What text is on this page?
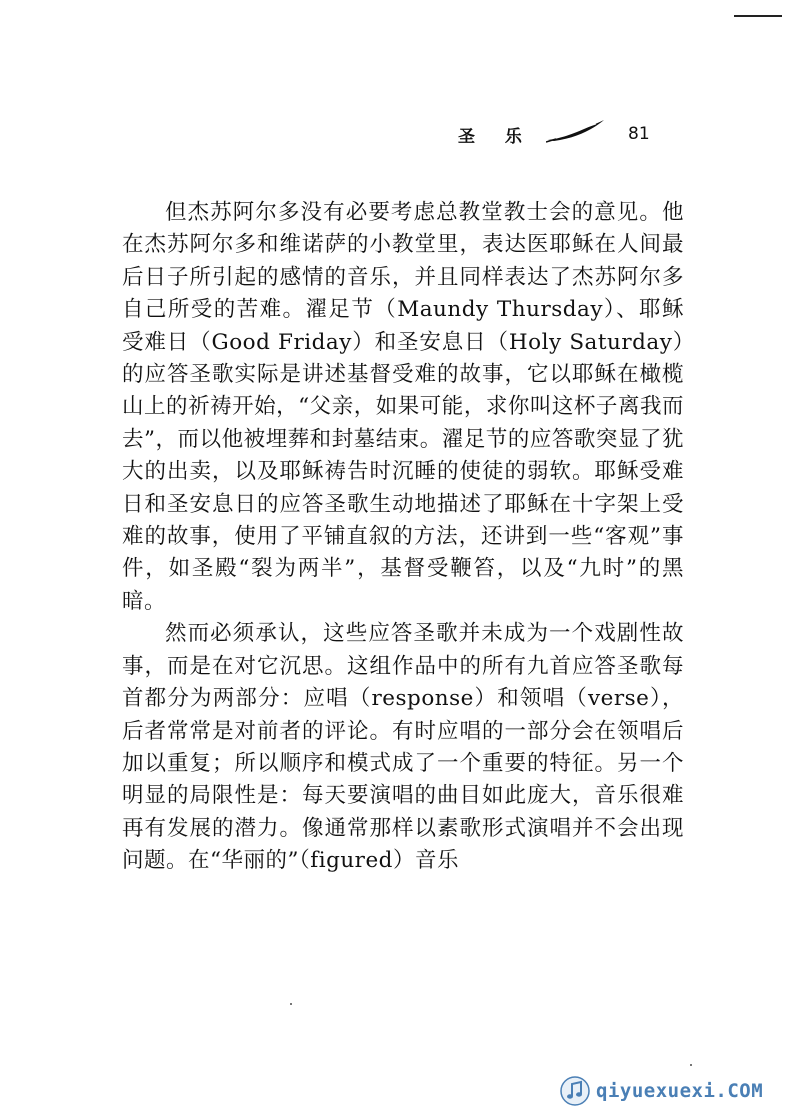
圣 乐	81

但杰苏阿尔多没有必要考虑总教堂教士会的意见。他在杰苏阿尔多和维诺萨的小教堂里，表达医耶稣在人间最后日子所引起的感情的音乐，并且同样表达了杰苏阿尔多自己所受的苦难。濯足节（Maundy Thursday）、耶稣受难日（Good Friday）和圣安息日（Holy Saturday）的应答圣歌实际是讲述基督受难的故事，它以耶稣在橄榄山上的祈祷开始，“父亲，如果可能，求你叫这杯子离我而去”，而以他被埋葬和封墓结束。濯足节的应答歌突显了犹大的出卖，以及耶稣祷告时沉睡的使徒的弱软。耶稣受难日和圣安息日的应答圣歌生动地描述了耶稣在十字架上受难的故事，使用了平铺直叙的方法，还讲到一些“客观”事件，如圣殿“裂为两半”，基督受鞭笞，以及“九时”的黑暗。

然而必须承认，这些应答圣歌并未成为一个戏剧性故事，而是在对它沉思。这组作品中的所有九首应答圣歌每首都分为两部分：应唱（response）和领唱（verse），后者常常是对前者的评论。有时应唱的一部分会在领唱后加以重复；所以顺序和模式成了一个重要的特征。另一个明显的局限性是：每天要演唱的曲目如此庞大，音乐很难再有发展的潜力。像通常那样以素歌形式演唱并不会出现问题。在“华丽的”（figured）音乐

qiyuexuexi.COM
